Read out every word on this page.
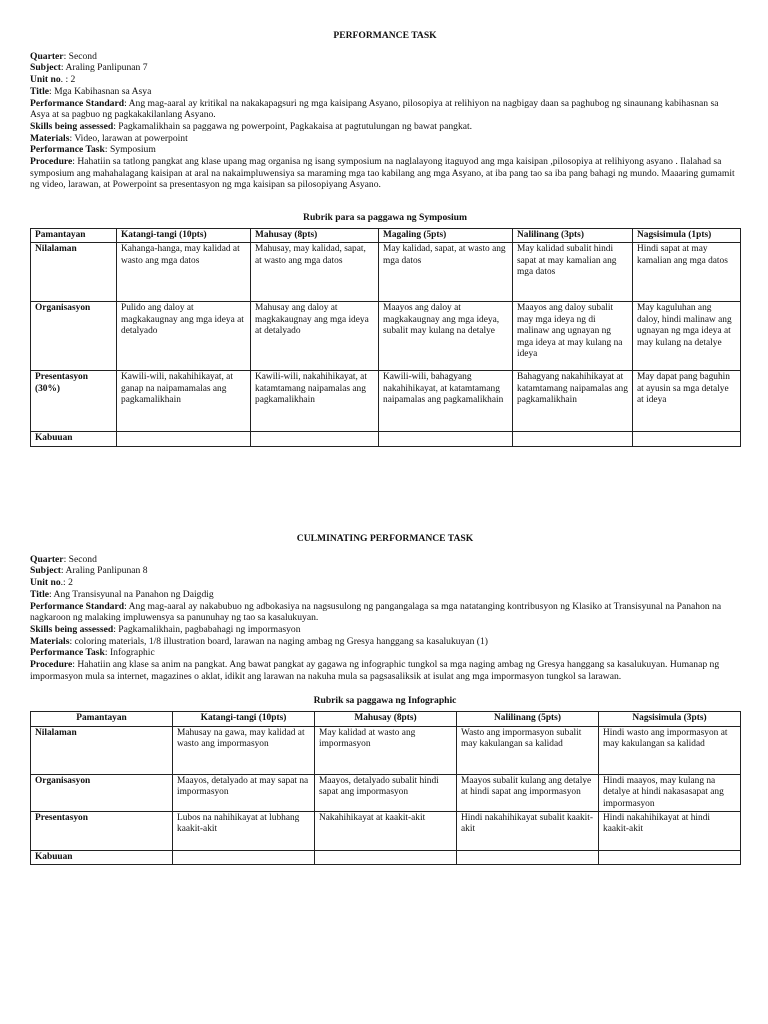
PERFORMANCE TASK

Quarter: Second

Subject: Araling Panlipunan 7

Unit no. : 2

Title: Mga Kabihasnan sa Asya

Performance Standard: Ang mag-aaral ay kritikal na nakakapagsuri ng mga kaisipang Asyano, pilosopiya at relihiyon na nagbigay daan sa paghubog ng sinaunang kabihasnan sa Asya at sa pagbuo ng pagkakakilanlang Asyano.

Skills being assessed: Pagkamalikhain sa paggawa ng powerpoint, Pagkakaisa at pagtutulungan ng bawat pangkat.

Materials: Video, larawan at powerpoint

Performance Task: Symposium

Procedure: Hahatiin sa tatlong pangkat ang klase upang mag organisa ng isang symposium na naglalayong itaguyod ang mga kaisipan ,pilosopiya at relihiyong asyano . Ilalahad sa symposium ang mahahalagang kaisipan at aral na nakaimpluwensiya sa maraming mga tao kabilang ang mga Asyano, at iba pang tao sa iba pang bahagi ng mundo. Maaaring gumamit ng video, larawan, at Powerpoint sa presentasyon ng mga kaisipan sa pilosopiyang Asyano.

Rubrik para sa paggawa ng Symposium
Pamantayan	Katangi-tangi (10pts)	Mahusay (8pts)	Magaling (5pts)	Nalilinang (3pts)	Nagsisimula (1pts)
Nilalaman	Kahanga-hanga, may kalidad at wasto ang mga datos	Mahusay, may kalidad, sapat, at wasto ang mga datos	May kalidad, sapat, at wasto ang mga datos	May kalidad subalit hindi sapat at may kamalian ang mga datos	Hindi sapat at may kamalian ang mga datos
Organisasyon	Pulido ang daloy at magkakaugnay ang mga ideya at detalyado	Mahusay ang daloy at magkakaugnay ang mga ideya at detalyado	Maayos ang daloy at magkakaugnay ang mga ideya, subalit may kulang na detalye	Maayos ang daloy subalit may mga ideya ng di malinaw ang ugnayan ng mga ideya at may kulang na ideya	May kaguluhan ang daloy, hindi malinaw ang ugnayan ng mga ideya at may kulang na detalye
Presentasyon (30%)	Kawili-wili, nakahihikayat, at ganap na naipamamalas ang pagkamalikhain	Kawili-wili, nakahihikayat, at katamtamang naipamalas ang pagkamalikhain	Kawili-wili, bahagyang nakahihikayat, at katamtamang naipamalas ang pagkamalikhain	Bahagyang nakahihikayat at katamtamang naipamalas ang pagkamalikhain	May dapat pang baguhin at ayusin sa mga detalye at ideya
Kabuuan					
CULMINATING PERFORMANCE TASK

Quarter: Second

Subject: Araling Panlipunan 8

Unit no.: 2

Title: Ang Transisyunal na Panahon ng Daigdig

Performance Standard: Ang mag-aaral ay nakabubuo ng adbokasiya na nagsusulong ng pangangalaga sa mga natatanging kontribusyon ng Klasiko at Transisyunal na Panahon na nagkaroon ng malaking impluwensya sa panunuhay ng tao sa kasalukuyan.

Skills being assessed: Pagkamalikhain, pagbabahagi ng impormasyon

Materials: coloring materials, 1/8 illustration board, larawan na naging ambag ng Gresya hanggang sa kasalukuyan (1)

Performance Task: Infographic

Procedure: Hahatiin ang klase sa anim na pangkat. Ang bawat pangkat ay gagawa ng infographic tungkol sa mga naging ambag ng Gresya hanggang sa kasalukuyan. Humanap ng impormasyon mula sa internet, magazines o aklat, idikit ang larawan na nakuha mula sa pagsasaliksik at isulat ang mga impormasyon tungkol sa larawan.

Rubrik sa paggawa ng Infographic
Pamantayan	Katangi-tangi (10pts)	Mahusay (8pts)	Nalilinang (5pts)	Nagsisimula (3pts)
Nilalaman	Mahusay na gawa, may kalidad at wasto ang impormasyon	May kalidad at wasto ang impormasyon	Wasto ang impormasyon subalit may kakulangan sa kalidad	Hindi wasto ang impormasyon at may kakulangan sa kalidad
Organisasyon	Maayos, detalyado at may sapat na impormasyon	Maayos, detalyado subalit hindi sapat ang impormasyon	Maayos subalit kulang ang detalye at hindi sapat ang impormasyon	Hindi maayos, may kulang na detalye at hindi nakasasapat ang impormasyon
Presentasyon	Lubos na nahihikayat at lubhang kaakit-akit	Nakahihikayat at kaakit-akit	Hindi nakahihikayat subalit kaakit-akit	Hindi nakahihikayat at hindi kaakit-akit
Kabuuan				
